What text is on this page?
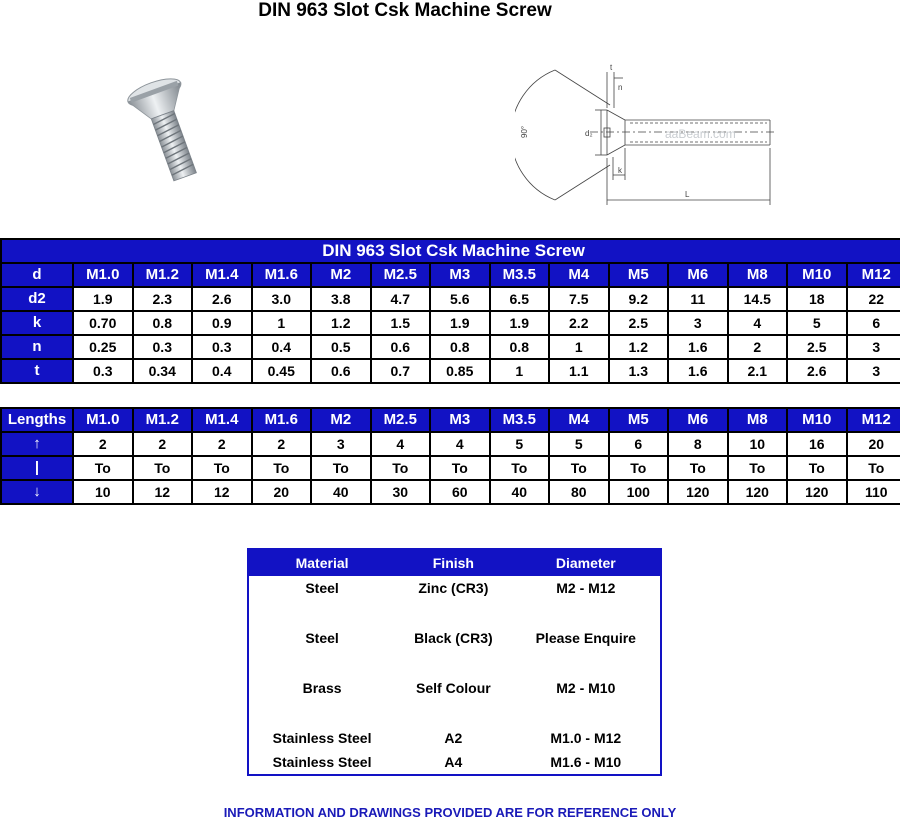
DIN 963 Slot Csk Machine Screw
90°	d₂
t
k
n
L
aaBeam.com
DIN 963 Slot Csk Machine Screw														
d	M1.0	M1.2	M1.4	M1.6	M2	M2.5	M3	M3.5	M4	M5	M6	M8	M10	M12
d2	1.9	2.3	2.6	3.0	3.8	4.7	5.6	6.5	7.5	9.2	11	14.5	18	22
k	0.70	0.8	0.9	1	1.2	1.5	1.9	1.9	2.2	2.5	3	4	5	6
n	0.25	0.3	0.3	0.4	0.5	0.6	0.8	0.8	1	1.2	1.6	2	2.5	3
t	0.3	0.34	0.4	0.45	0.6	0.7	0.85	1	1.1	1.3	1.6	2.1	2.6	3
Lengths	M1.0	M1.2	M1.4	M1.6	M2	M2.5	M3	M3.5	M4	M5	M6	M8	M10	M12
↑	2	2	2	2	3	4	4	5	5	6	8	10	16	20
|	To	To	To	To	To	To	To	To	To	To	To	To	To	To
↓	10	12	12	20	40	30	60	40	80	100	120	120	120	110
Material	Finish	Diameter
Steel	Zinc (CR3)	M2 - M12

Steel	Black (CR3)	Please Enquire

Brass	Self Colour	M2 - M10

Stainless Steel	A2	M1.0 - M12
Stainless Steel	A4	M1.6 - M10
INFORMATION AND DRAWINGS PROVIDED ARE FOR REFERENCE ONLY
